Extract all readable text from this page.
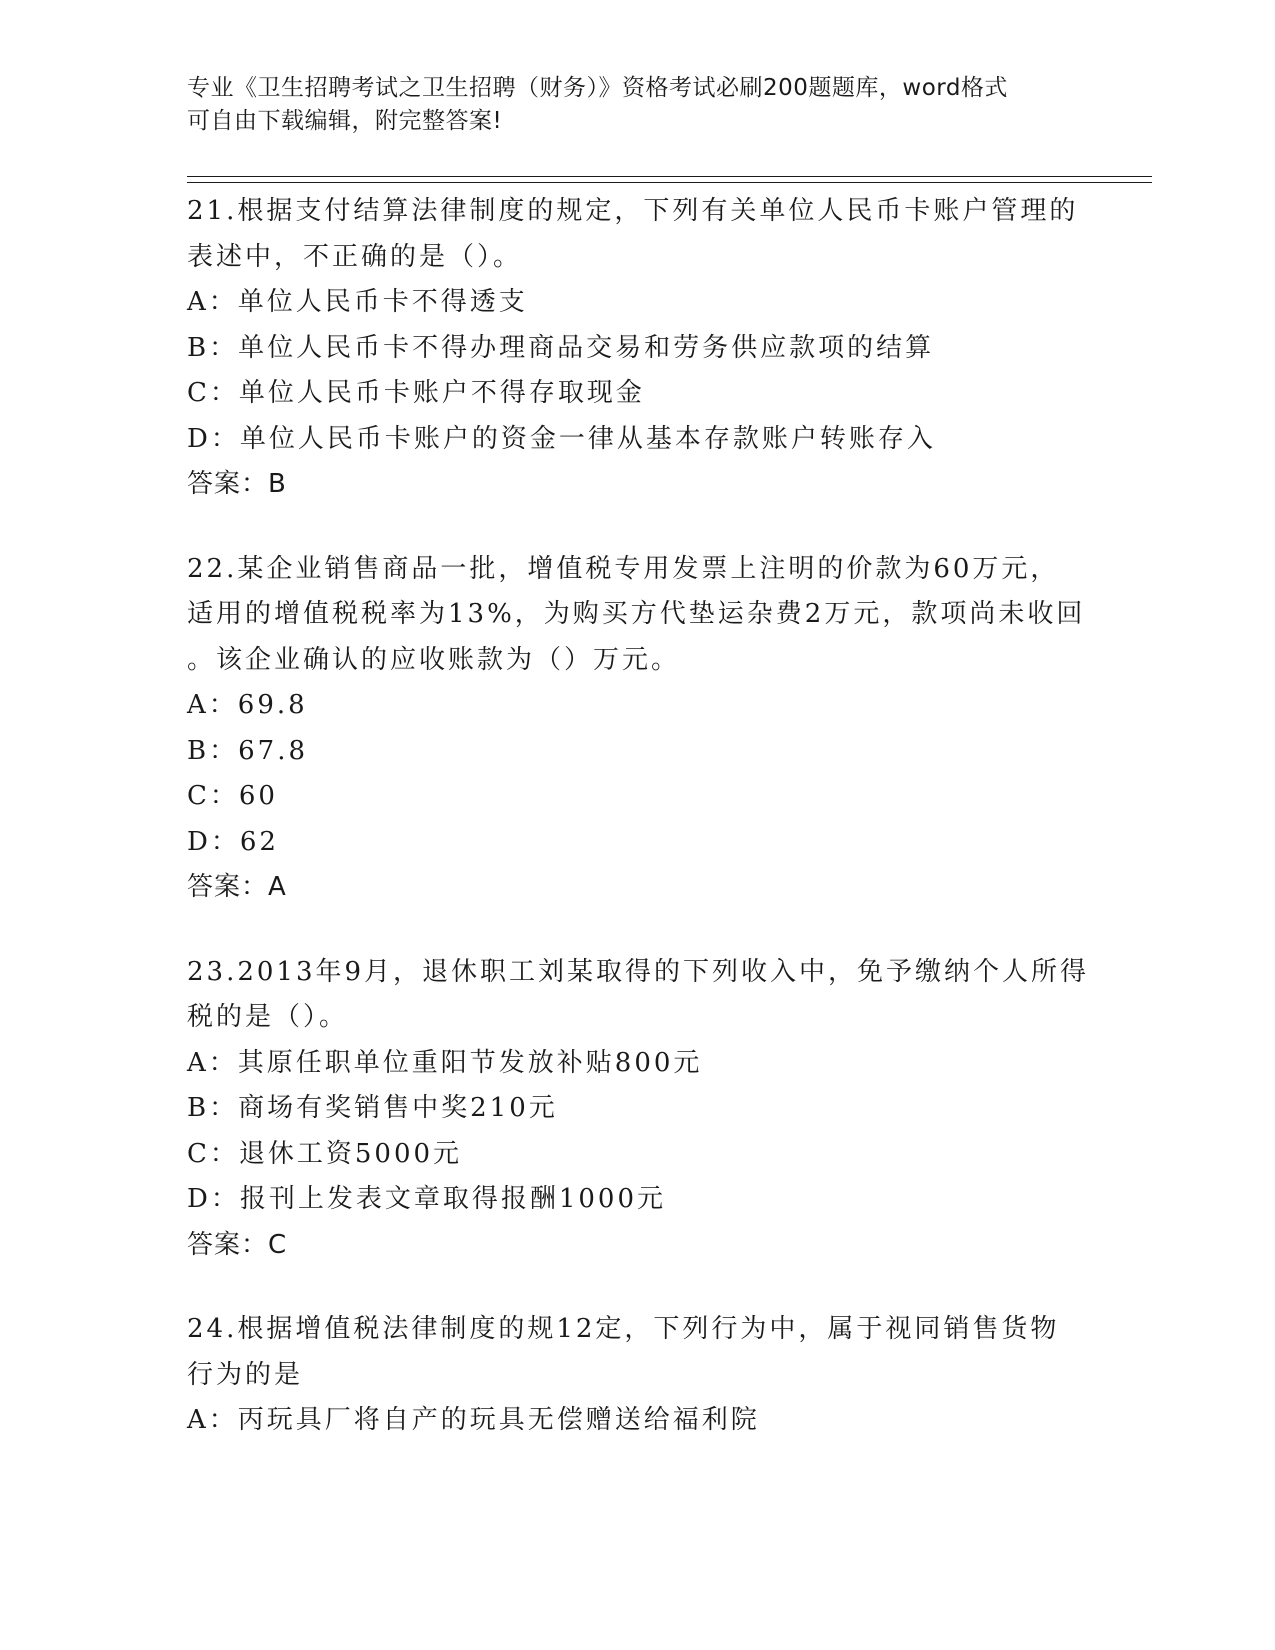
专业《卫生招聘考试之卫生招聘（财务）》资格考试必刷200题题库，word格式
可自由下载编辑，附完整答案!
21.根据支付结算法律制度的规定，下列有关单位人民币卡账户管理的
表述中，不正确的是（）。
A：单位人民币卡不得透支
B：单位人民币卡不得办理商品交易和劳务供应款项的结算
C：单位人民币卡账户不得存取现金
D：单位人民币卡账户的资金一律从基本存款账户转账存入
答案：B
22.某企业销售商品一批，增值税专用发票上注明的价款为60万元，
适用的增值税税率为13%，为购买方代垫运杂费2万元，款项尚未收回
。该企业确认的应收账款为（）万元。
A：69.8
B：67.8
C：60
D：62
答案：A
23.2013年9月，退休职工刘某取得的下列收入中，免予缴纳个人所得
税的是（）。
A：其原任职单位重阳节发放补贴800元
B：商场有奖销售中奖210元
C：退休工资5000元
D：报刊上发表文章取得报酬1000元
答案：C
24.根据增值税法律制度的规12定，下列行为中，属于视同销售货物
行为的是
A：丙玩具厂将自产的玩具无偿赠送给福利院
